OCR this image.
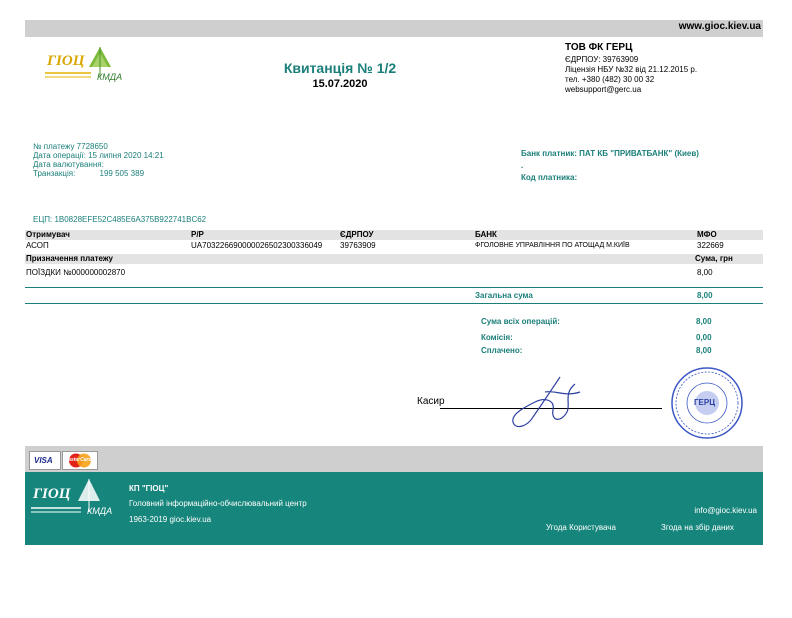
www.gioc.kiev.ua
ГІОЦ
КМДА
Квитанція № 1/2
15.07.2020
ТОВ ФК ГЕРЦ
ЄДРПОУ: 39763909
Ліцензія НБУ №32 від 21.12.2015 р.
тел. +380 (482) 30 00 32
websupport@gerc.ua
№ платежу 7728650
Дата операції: 15 липня 2020 14:21
Дата валютування:
Транзакція:	199 505 389
Банк платник: ПАТ КБ "ПРИВАТБАНК" (Киев)
.
Код платника:
ЕЦП: 1B0828EFE52C485E6A375B922741BC62
Отримувач	Р/Р	ЄДРПОУ	БАНК	МФО
АСОП	UA703226690000026502300336049 39763909	ФГОЛОВНЕ УПРАВЛІННЯ ПО АТОЩАД М.КИЇВ	322669
Призначення платежу	Сума, грн
ПОЇЗДКИ №000000002870	8,00
Загальна сума	8,00
Сума всіх операцій:	8,00
Комісія:	0,00
Сплачено:	8,00
Касир	ГЕРЦ
VISA MasterCard
ГІОЦ
КМДА
КП "ГІОЦ"
Головний інформаційно-обчислювальний центр
1963-2019 gioc.kiev.ua
info@gioc.kiev.ua
Угода Користувача	Згода на збір даних
